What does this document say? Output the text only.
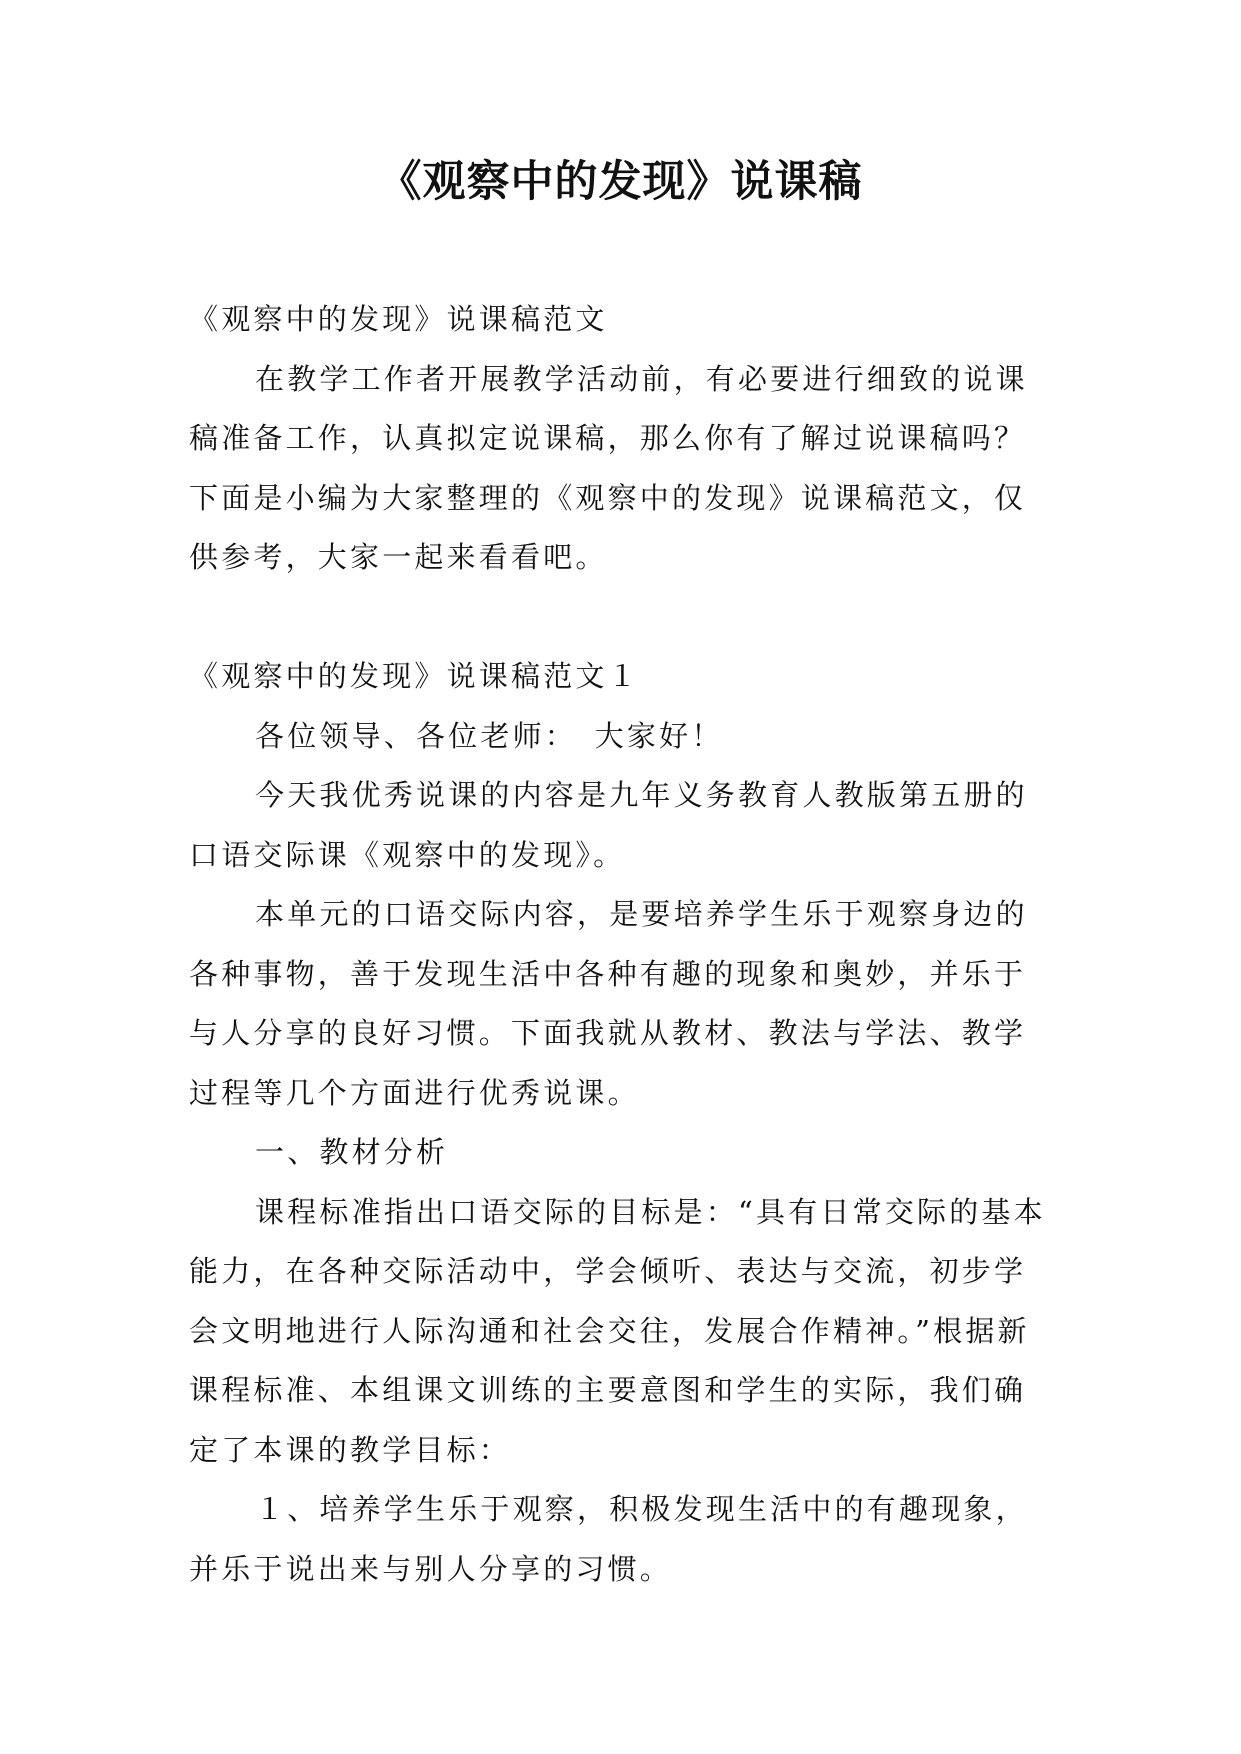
《观察中的发现》说课稿

《观察中的发现》说课稿范文

在教学工作者开展教学活动前，有必要进行细致的说课稿准备工作，认真拟定说课稿，那么你有了解过说课稿吗？下面是小编为大家整理的《观察中的发现》说课稿范文，仅供参考，大家一起来看看吧。

《观察中的发现》说课稿范文１

各位领导、各位老师：　大家好！

今天我优秀说课的内容是九年义务教育人教版第五册的口语交际课《观察中的发现》。

本单元的口语交际内容，是要培养学生乐于观察身边的各种事物，善于发现生活中各种有趣的现象和奥妙，并乐于与人分享的良好习惯。下面我就从教材、教法与学法、教学过程等几个方面进行优秀说课。

一、教材分析

课程标准指出口语交际的目标是：“具有日常交际的基本能力，在各种交际活动中，学会倾听、表达与交流，初步学会文明地进行人际沟通和社会交往，发展合作精神。”根据新课程标准、本组课文训练的主要意图和学生的实际，我们确定了本课的教学目标：

１、培养学生乐于观察，积极发现生活中的有趣现象，并乐于说出来与别人分享的习惯。
